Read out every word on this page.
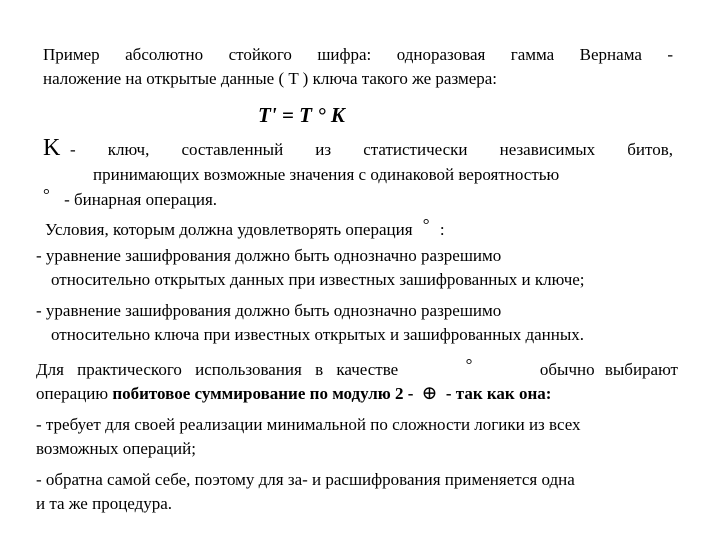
Пример абсолютно стойкого шифра: одноразовая гамма Вернама -
наложение на открытые данные ( T ) ключа такого же размера:
T' = T ° K
K - ключ, составленный из статистически независимых битов,
принимающих возможные значения с одинаковой вероятностью
° - бинарная операция.
Условия, которым должна удовлетворять операция ° :
- уравнение зашифрования должно быть однозначно разрешимо
относительно открытых данных при известных зашифрованных и ключе;
- уравнение зашифрования должно быть однозначно разрешимо
относительно ключа при известных открытых и зашифрованных данных.
Для практического использования в качестве	°	обычно выбирают
операцию побитовое суммирование по модулю 2 - ⊕ - так как она:
- требует для своей реализации минимальной по сложности логики из всех
возможных операций;
- обратна самой себе, поэтому для за- и расшифрования применяется одна
и та же процедура.
